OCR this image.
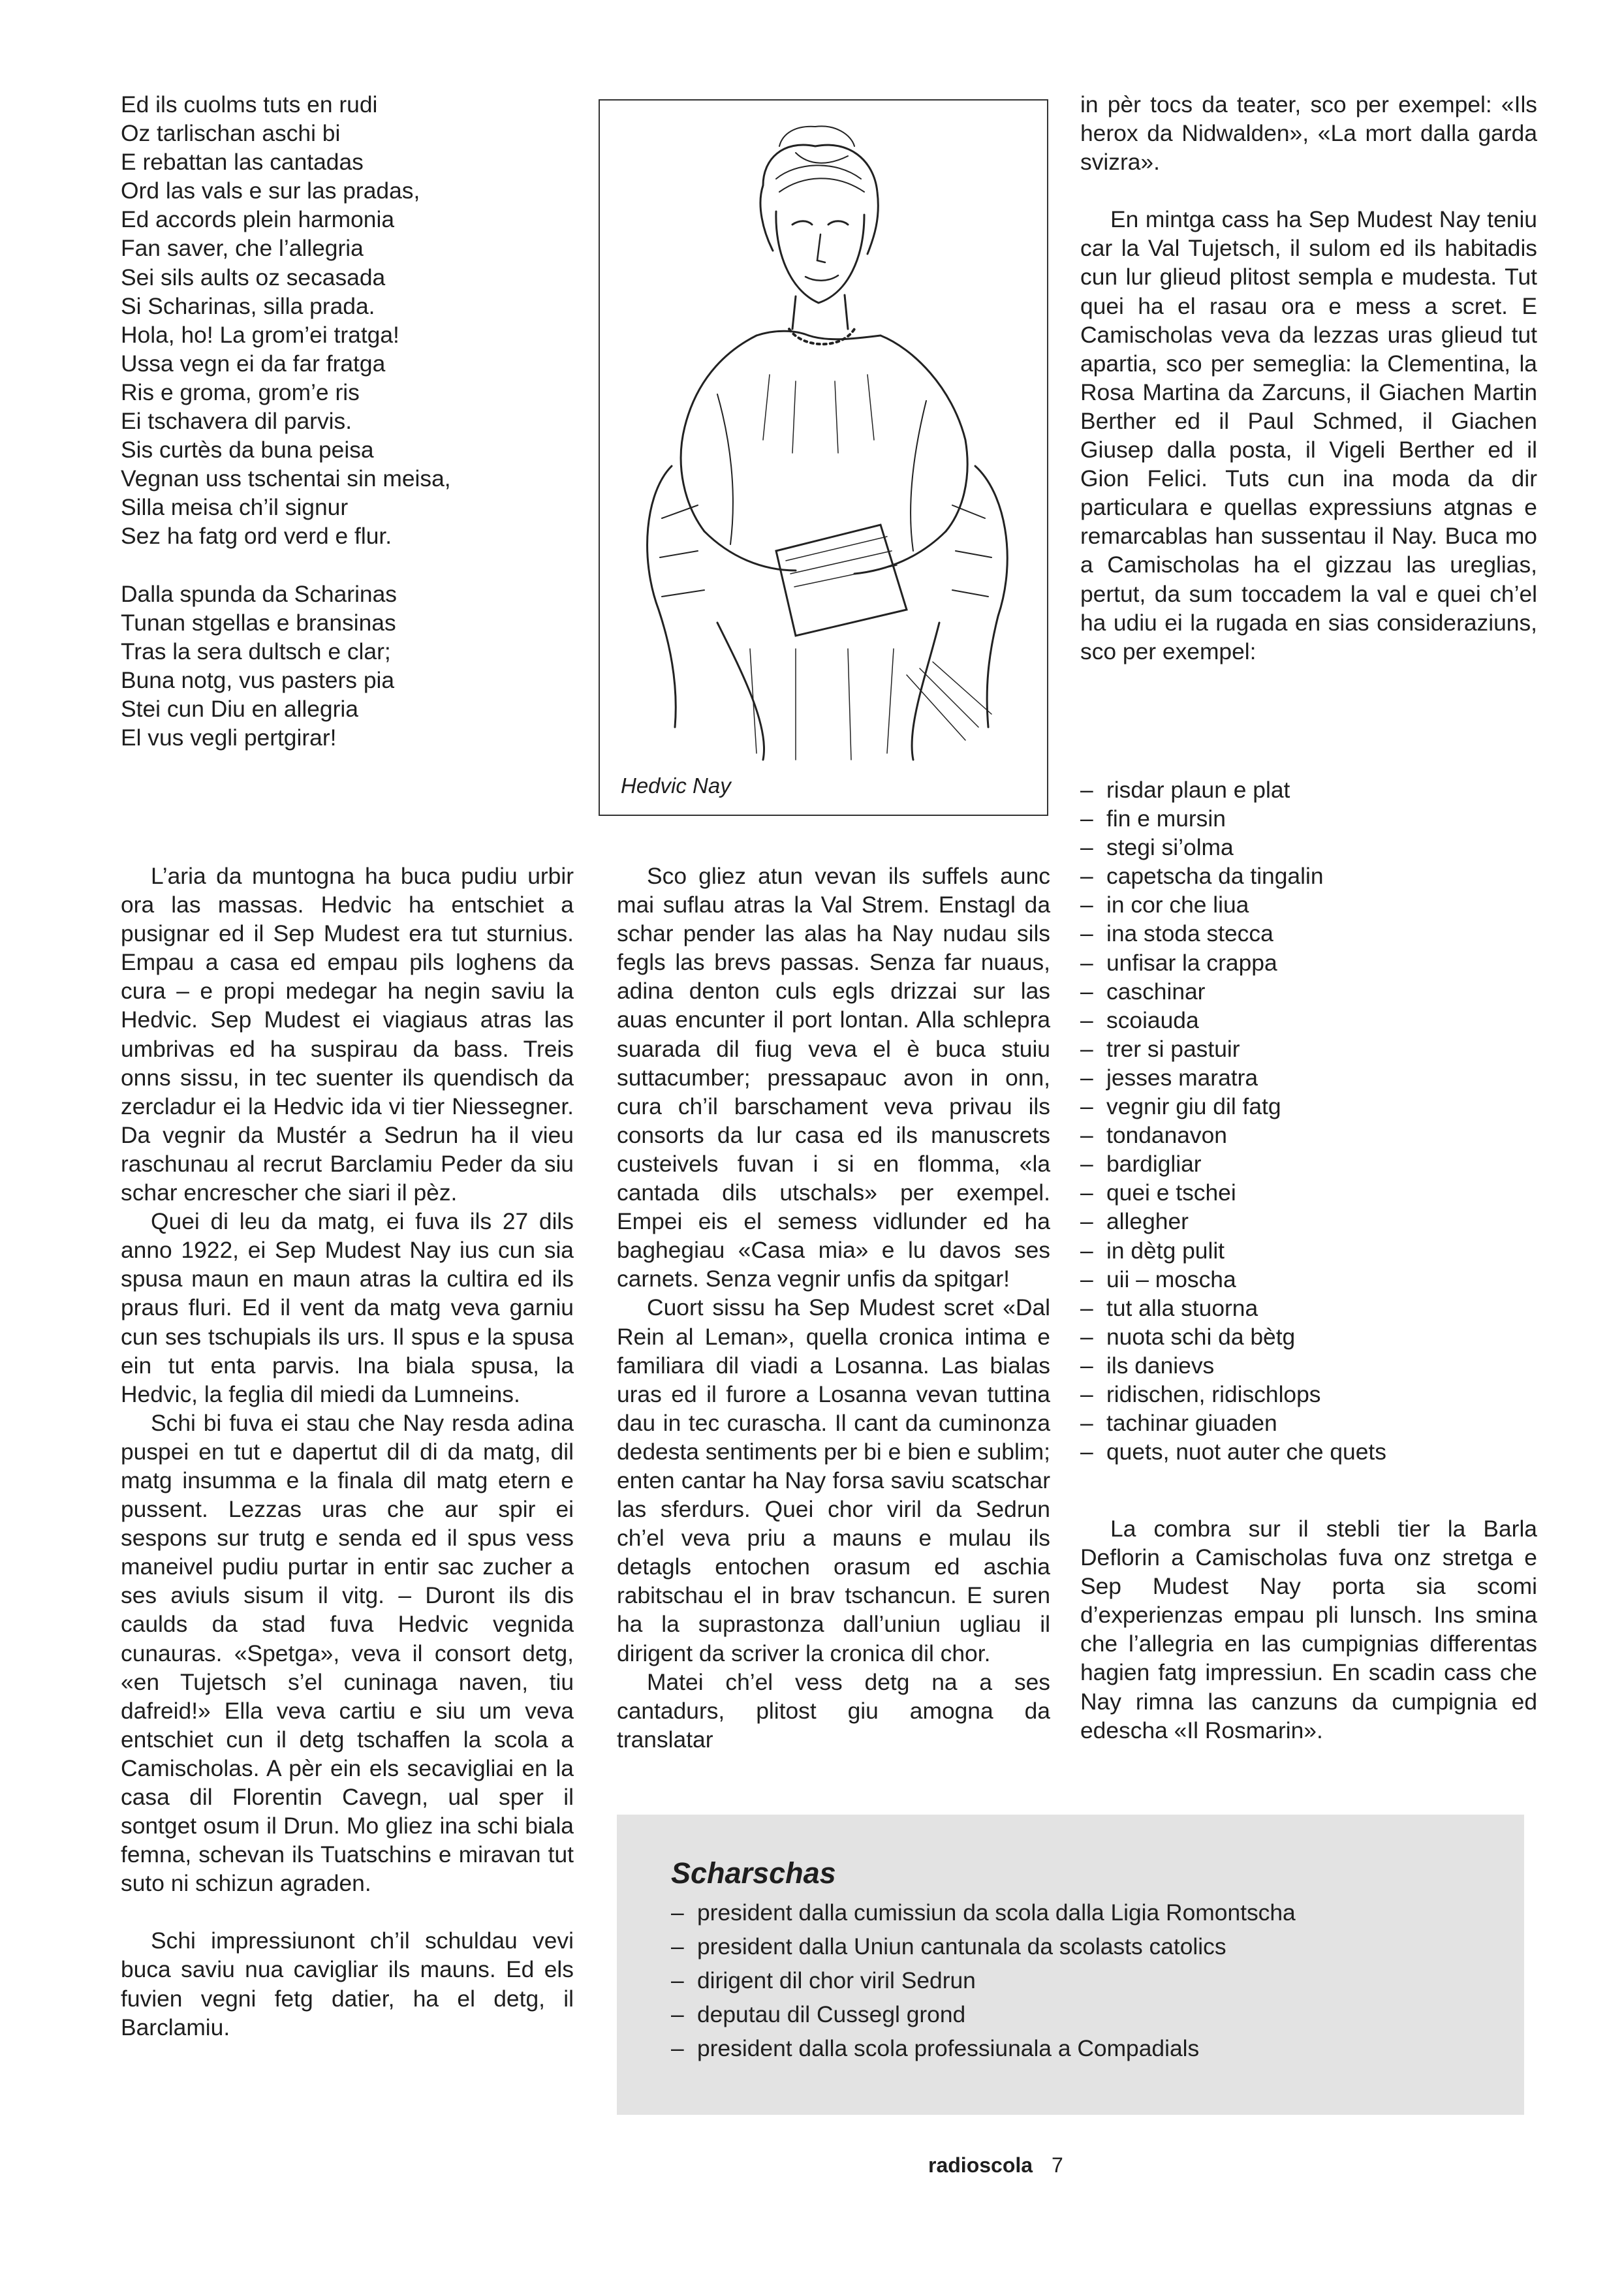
Ed ils cuolms tuts en rudi
Oz tarlischan aschi bi
E rebattan las cantadas
Ord las vals e sur las pradas,
Ed accords plein harmonia
Fan saver, che l’allegria
Sei sils aults oz secasada
Si Scharinas, silla prada.
Hola, ho! La grom’ei tratga!
Ussa vegn ei da far fratga
Ris e groma, grom’e ris
Ei tschavera dil parvis.
Sis curtès da buna peisa
Vegnan uss tschentai sin meisa,
Silla meisa ch’il signur
Sez ha fatg ord verd e flur.

Dalla spunda da Scharinas
Tunan stgellas e bransinas
Tras la sera dultsch e clar;
Buna notg, vus pasters pia
Stei cun Diu en allegria
El vus vegli pertgirar!
Hedvic Nay

L’aria da muntogna ha buca pudiu urbir ora las massas. Hedvic ha entschiet a pusignar ed il Sep Mudest era tut sturnius. Empau a casa ed empau pils loghens da cura – e propi medegar ha negin saviu la Hedvic. Sep Mudest ei viagiaus atras las umbrivas ed ha suspirau da bass. Treis onns sissu, in tec suenter ils quendisch da zercladur ei la Hedvic ida vi tier Niessegner. Da vegnir da Mustér a Sedrun ha il vieu raschunau al recrut Barclamiu Peder da siu schar encrescher che siari il pèz.

Quei di leu da matg, ei fuva ils 27 dils anno 1922, ei Sep Mudest Nay ius cun sia spusa maun en maun atras la cultira ed ils praus fluri. Ed il vent da matg veva garniu cun ses tschupials ils urs. Il spus e la spusa ein tut enta parvis. Ina biala spusa, la Hedvic, la feglia dil miedi da Lumneins.

Schi bi fuva ei stau che Nay resda adina puspei en tut e dapertut dil di da matg, dil matg insumma e la finala dil matg etern e pussent. Lezzas uras che aur spir ei sespons sur trutg e senda ed il spus vess maneivel pudiu purtar in entir sac zucher a ses aviuls sisum il vitg. – Duront ils dis caulds da stad fuva Hedvic vegnida cunauras. «Spetga», veva il consort detg, «en Tujetsch s’el cuninaga naven, tiu dafreid!» Ella veva cartiu e siu um veva entschiet cun il detg tschaffen la scola a Camischolas. A pèr ein els secavigliai en la casa dil Florentin Cavegn, ual sper il sontget osum il Drun. Mo gliez ina schi biala femna, schevan ils Tuatschins e miravan tut suto ni schizun agraden.

Schi impressiunont ch’il schuldau vevi buca saviu nua cavigliar ils mauns. Ed els fuvien vegni fetg datier, ha el detg, il Barclamiu.

Sco gliez atun vevan ils suffels aunc mai suflau atras la Val Strem. Enstagl da schar pender las alas ha Nay nudau sils fegls las brevs passas. Senza far nuaus, adina denton culs egls drizzai sur las auas encunter il port lontan. Alla schlepra suarada dil fiug veva el è buca stuiu suttacumber; pressapauc avon in onn, cura ch’il barschament veva privau ils consorts da lur casa ed ils manuscrets custeivels fuvan i si en flomma, «la cantada dils utschals» per exempel. Empei eis el semess vidlunder ed ha baghegiau «Casa mia» e lu davos ses carnets. Senza vegnir unfis da spitgar!

Cuort sissu ha Sep Mudest scret «Dal Rein al Leman», quella cronica intima e familiara dil viadi a Losanna. Las bialas uras ed il furore a Losanna vevan tuttina dau in tec curascha. Il cant da cuminonza dedesta sentiments per bi e bien e sublim; enten cantar ha Nay forsa saviu scatschar las sferdurs. Quei chor viril da Sedrun ch’el veva priu a mauns e mulau ils detagls entochen orasum ed aschia rabitschau el in brav tschancun. E suren ha la suprastonza dall’uniun ugliau il dirigent da scriver la cronica dil chor.

Matei ch’el vess detg na a ses cantadurs, plitost giu amogna da translatar

in pèr tocs da teater, sco per exempel: «Ils herox da Nidwalden», «La mort dalla garda svizra».

En mintga cass ha Sep Mudest Nay teniu car la Val Tujetsch, il sulom ed ils habitadis cun lur glieud plitost sempla e mudesta. Tut quei ha el rasau ora e mess a scret. E Camischolas veva da lezzas uras glieud tut apartia, sco per semeglia: la Clementina, la Rosa Martina da Zarcuns, il Giachen Martin Berther ed il Paul Schmed, il Giachen Giusep dalla posta, il Vigeli Berther ed il Gion Felici. Tuts cun ina moda da dir particulara e quellas expressiuns atgnas e remarcablas han sussentau il Nay. Buca mo a Camischolas ha el gizzau las ureglias, pertut, da sum toccadem la val e quei ch’el ha udiu ei la rugada en sias consideraziuns, sco per exempel:

– risdar plaun e plat
– fin e mursin
– stegi si’olma
– capetscha da tingalin
– in cor che liua
– ina stoda stecca
– unfisar la crappa
– caschinar
– scoiauda
– trer si pastuir
– jesses maratra
– vegnir giu dil fatg
– tondanavon
– bardigliar
– quei e tschei
– allegher
– in dètg pulit
– uii – moscha
– tut alla stuorna
– nuota schi da bètg
– ils danievs
– ridischen, ridischlops
– tachinar giuaden
– quets, nuot auter che quets

La combra sur il stebli tier la Barla Deflorin a Camischolas fuva onz stretga e Sep Mudest Nay porta sia scomi d’experienzas empau pli lunsch. Ins smina che l’allegria en las cumpignias differentas hagien fatg impressiun. En scadin cass che Nay rimna las canzuns da cumpignia ed edescha «Il Rosmarin».

Scharschas
– president dalla cumissiun da scola dalla Ligia Romontscha
– president dalla Uniun cantunala da scolasts catolics
– dirigent dil chor viril Sedrun
– deputau dil Cussegl grond
– president dalla scola professiunala a Compadials
radioscola 7
